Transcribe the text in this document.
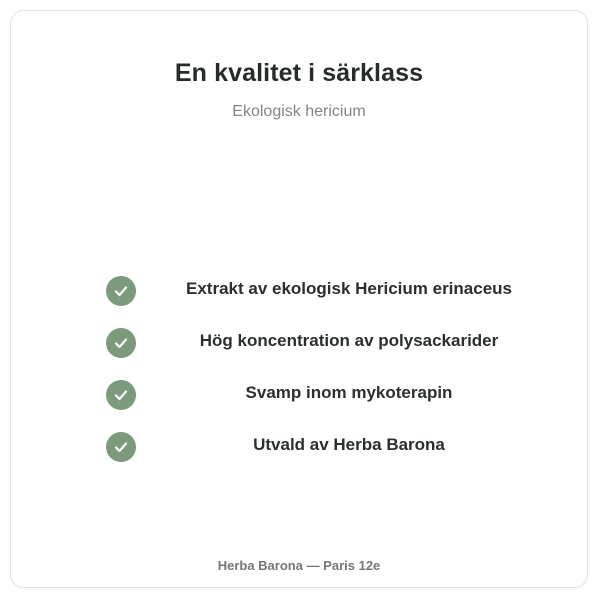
En kvalitet i särklass
Ekologisk hericium
Extrakt av ekologisk Hericium erinaceus
Hög koncentration av polysackarider
Svamp inom mykoterapin
Utvald av Herba Barona
Herba Barona — Paris 12e
